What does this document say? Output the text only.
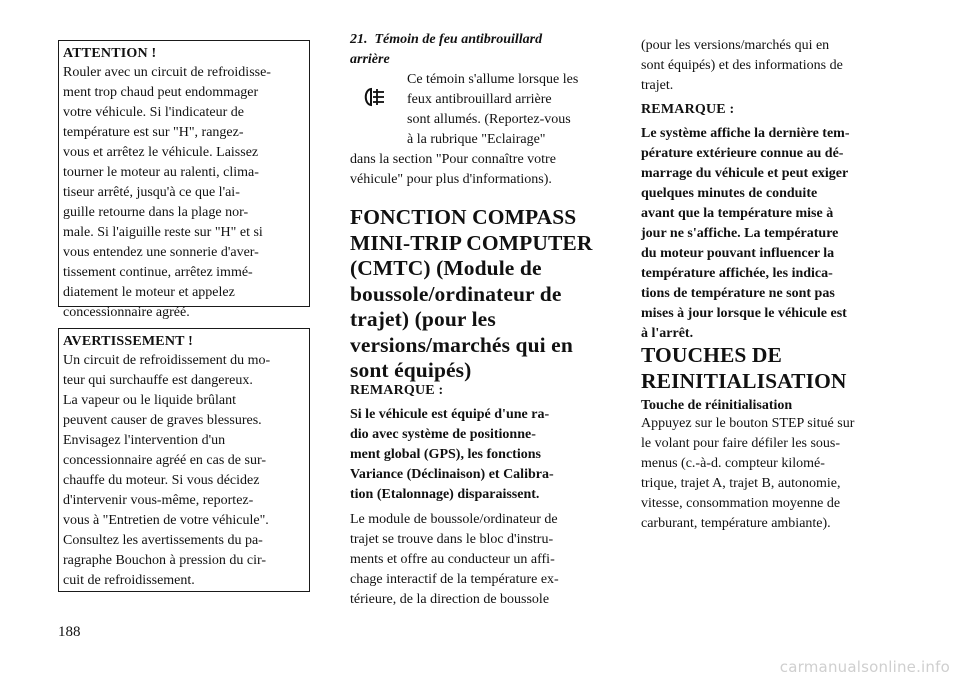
ATTENTION !
Rouler avec un circuit de refroidisse-
ment trop chaud peut endommager
votre véhicule. Si l'indicateur de
température est sur "H", rangez-
vous et arrêtez le véhicule. Laissez
tourner le moteur au ralenti, clima-
tiseur arrêté, jusqu'à ce que l'ai-
guille retourne dans la plage nor-
male. Si l'aiguille reste sur "H" et si
vous entendez une sonnerie d'aver-
tissement continue, arrêtez immé-
diatement le moteur et appelez
concessionnaire agréé.
AVERTISSEMENT !
Un circuit de refroidissement du mo-
teur qui surchauffe est dangereux.
La vapeur ou le liquide brûlant
peuvent causer de graves blessures.
Envisagez l'intervention d'un
concessionnaire agréé en cas de sur-
chauffe du moteur. Si vous décidez
d'intervenir vous-même, reportez-
vous à "Entretien de votre véhicule".
Consultez les avertissements du pa-
ragraphe Bouchon à pression du cir-
cuit de refroidissement.
21.  Témoin de feu antibrouillard
arrière
Ce témoin s'allume lorsque les
feux antibrouillard arrière
sont allumés. (Reportez-vous
à la rubrique "Eclairage"
dans la section "Pour connaître votre
véhicule" pour plus d'informations).
FONCTION COMPASS
MINI-TRIP COMPUTER
(CMTC) (Module de
boussole/ordinateur de
trajet) (pour les
versions/marchés qui en
sont équipés)
REMARQUE :
Si le véhicule est équipé d'une ra-
dio avec système de positionne-
ment global (GPS), les fonctions
Variance (Déclinaison) et Calibra-
tion (Etalonnage) disparaissent.
Le module de boussole/ordinateur de
trajet se trouve dans le bloc d'instru-
ments et offre au conducteur un affi-
chage interactif de la température ex-
térieure, de la direction de boussole
(pour les versions/marchés qui en
sont équipés) et des informations de
trajet.
REMARQUE :
Le système affiche la dernière tem-
pérature extérieure connue au dé-
marrage du véhicule et peut exiger
quelques minutes de conduite
avant que la température mise à
jour ne s'affiche. La température
du moteur pouvant influencer la
température affichée, les indica-
tions de température ne sont pas
mises à jour lorsque le véhicule est
à l'arrêt.
TOUCHES DE
REINITIALISATION
Touche de réinitialisation
Appuyez sur le bouton STEP situé sur
le volant pour faire défiler les sous-
menus (c.-à-d. compteur kilomé-
trique, trajet A, trajet B, autonomie,
vitesse, consommation moyenne de
carburant, température ambiante).
188
carmanualsonline.info
